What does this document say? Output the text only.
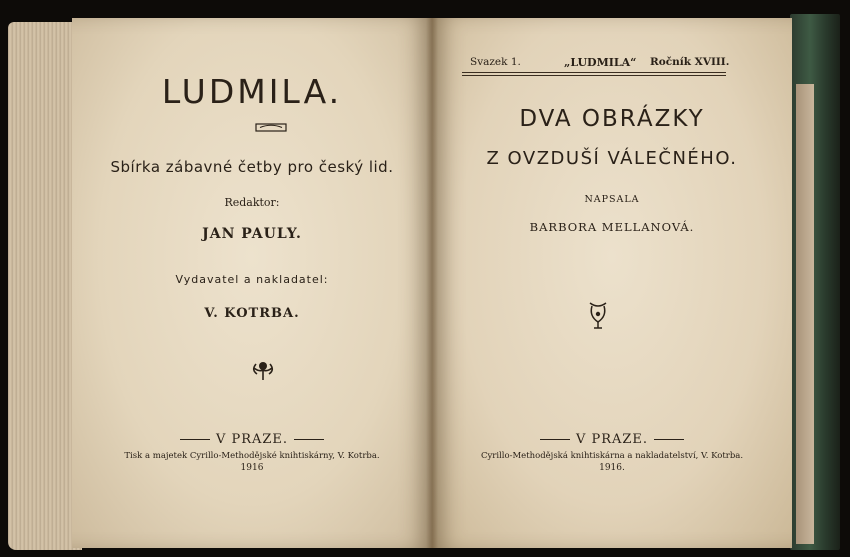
LUDMILA.
Sbírka zábavné četby pro český lid.
Redaktor:
JAN PAULY.
Vydavatel a nakladatel:
V. KOTRBA.
V PRAZE.
Tisk a majetek Cyrillo-Methodějské knihtiskárny, V. Kotrba.
1916
Svazek 1.	„LUDMILA“ Ročník XVIII.
DVA OBRÁZKY
Z OVZDUŠÍ VÁLEČNÉHO.
NAPSALA
BARBORA MELLANOVÁ.
V PRAZE.
Cyrillo-Methodějská knihtiskárna a nakladatelství, V. Kotrba.
1916.
